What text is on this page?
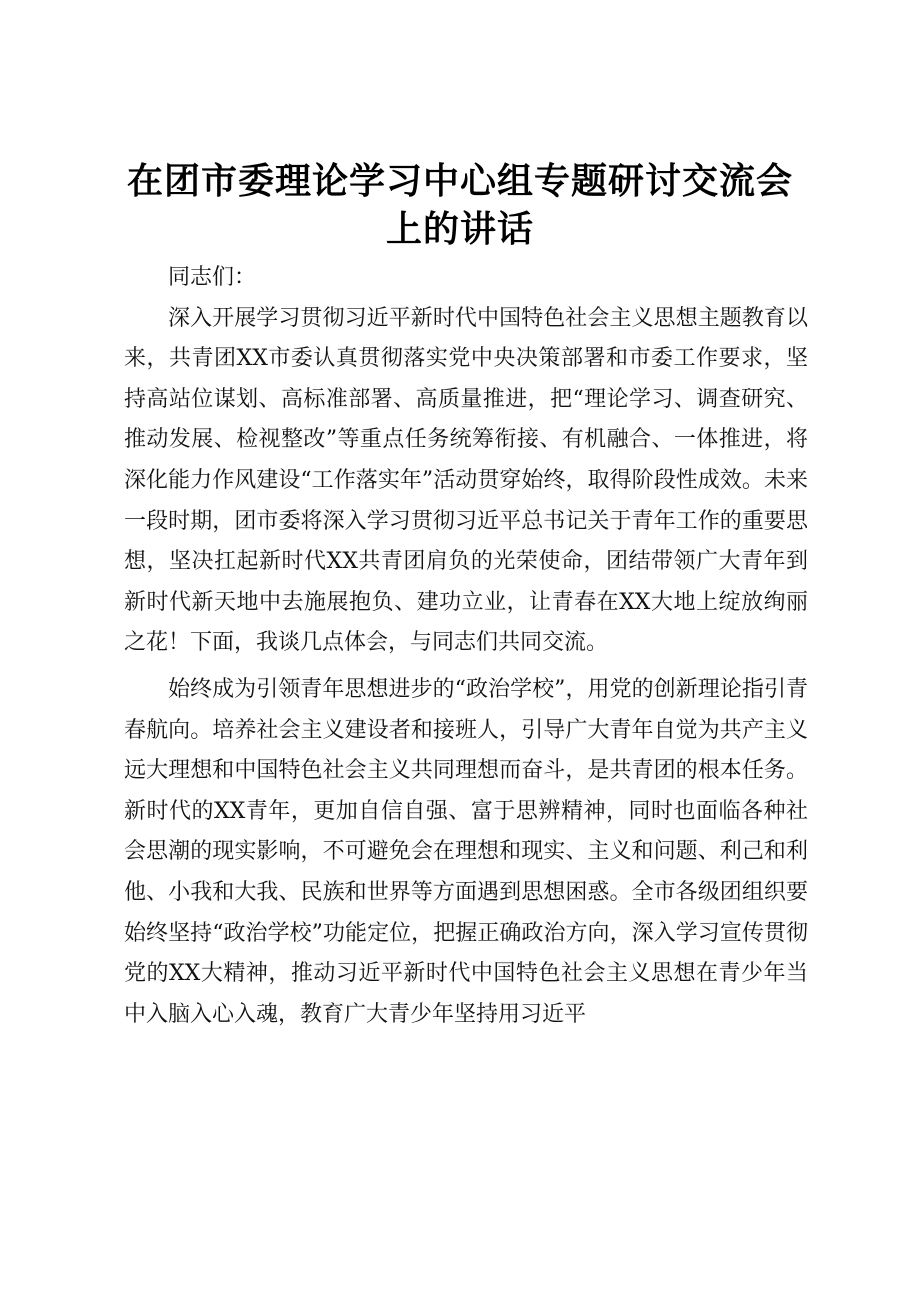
在团市委理论学习中心组专题研讨交流会上的讲话

同志们：

深入开展学习贯彻习近平新时代中国特色社会主义思想主题教育以来，共青团XX市委认真贯彻落实党中央决策部署和市委工作要求，坚持高站位谋划、高标准部署、高质量推进，把“理论学习、调查研究、推动发展、检视整改”等重点任务统筹衔接、有机融合、一体推进，将深化能力作风建设“工作落实年”活动贯穿始终，取得阶段性成效。未来一段时期，团市委将深入学习贯彻习近平总书记关于青年工作的重要思想，坚决扛起新时代XX共青团肩负的光荣使命，团结带领广大青年到新时代新天地中去施展抱负、建功立业，让青春在XX大地上绽放绚丽之花！下面，我谈几点体会，与同志们共同交流。

始终成为引领青年思想进步的“政治学校”，用党的创新理论指引青春航向。培养社会主义建设者和接班人，引导广大青年自觉为共产主义远大理想和中国特色社会主义共同理想而奋斗，是共青团的根本任务。新时代的XX青年，更加自信自强、富于思辨精神，同时也面临各种社会思潮的现实影响，不可避免会在理想和现实、主义和问题、利己和利他、小我和大我、民族和世界等方面遇到思想困惑。全市各级团组织要始终坚持“政治学校”功能定位，把握正确政治方向，深入学习宣传贯彻党的XX大精神，推动习近平新时代中国特色社会主义思想在青少年当中入脑入心入魂，教育广大青少年坚持用习近平
